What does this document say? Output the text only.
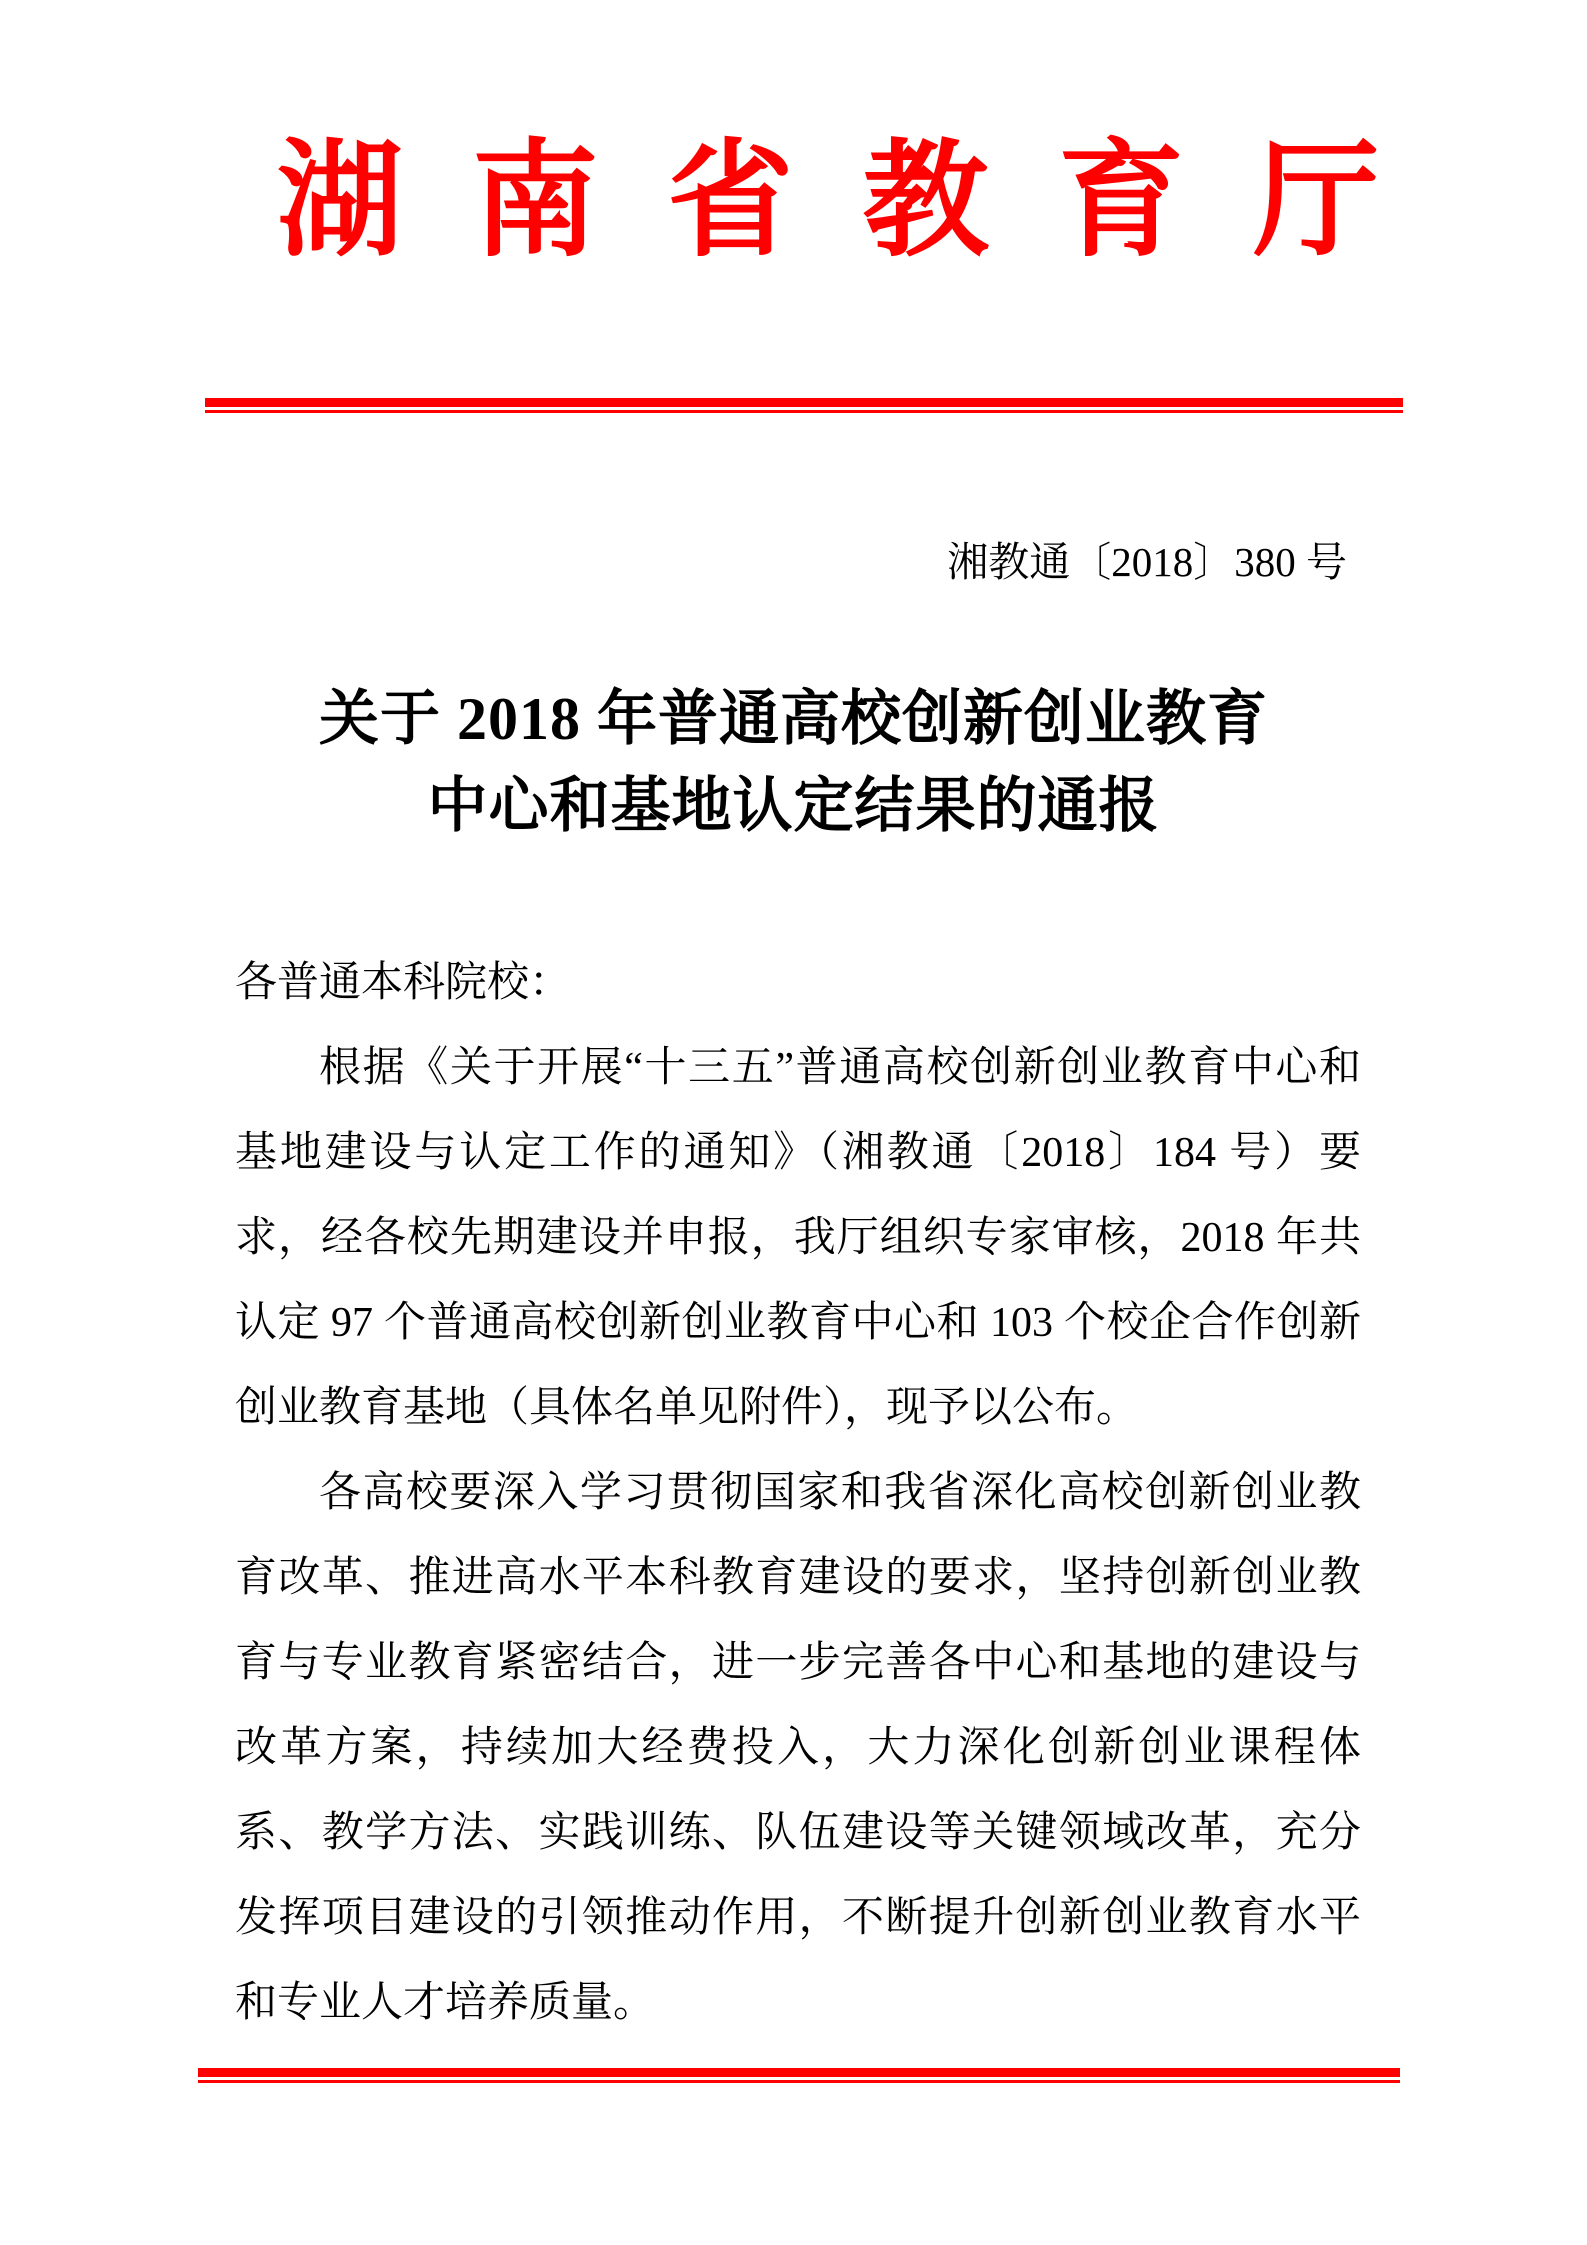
湖南省教育厅
湘教通〔2018〕380 号
关于 2018 年普通高校创新创业教育
中心和基地认定结果的通报

各普通本科院校：

根据《关于开展“十三五”普通高校创新创业教育中心和基地建设与认定工作的通知》（湘教通〔2018〕184 号）要求，经各校先期建设并申报，我厅组织专家审核，2018 年共认定 97 个普通高校创新创业教育中心和 103 个校企合作创新创业教育基地（具体名单见附件），现予以公布。

各高校要深入学习贯彻国家和我省深化高校创新创业教育改革、推进高水平本科教育建设的要求，坚持创新创业教育与专业教育紧密结合，进一步完善各中心和基地的建设与改革方案，持续加大经费投入，大力深化创新创业课程体系、教学方法、实践训练、队伍建设等关键领域改革，充分发挥项目建设的引领推动作用，不断提升创新创业教育水平和专业人才培养质量。
